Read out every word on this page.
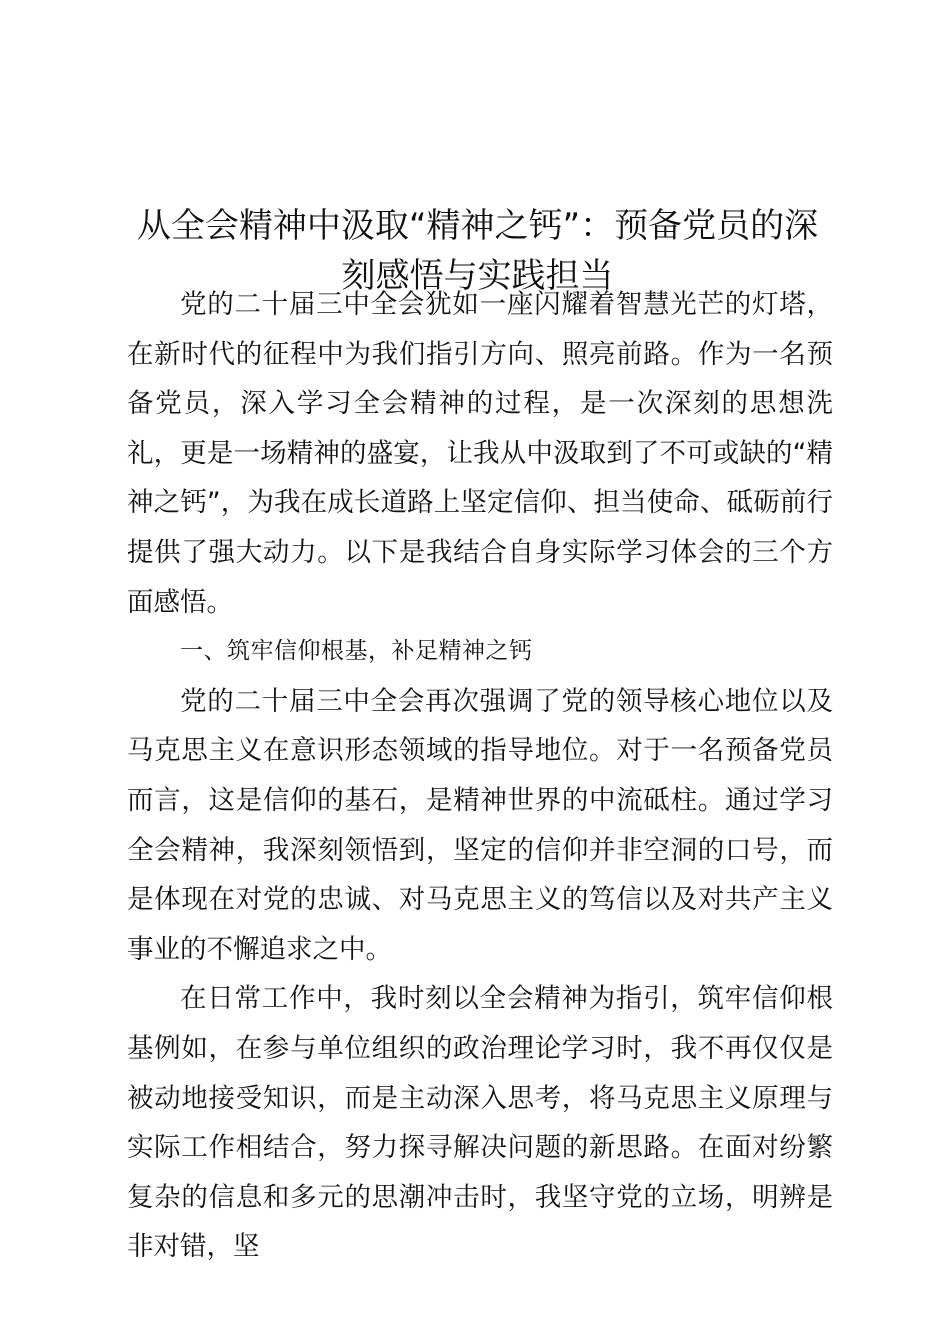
从全会精神中汲取“精神之钙”：预备党员的深刻感悟与实践担当

党的二十届三中全会犹如一座闪耀着智慧光芒的灯塔，在新时代的征程中为我们指引方向、照亮前路。作为一名预备党员，深入学习全会精神的过程，是一次深刻的思想洗礼，更是一场精神的盛宴，让我从中汲取到了不可或缺的“精神之钙”，为我在成长道路上坚定信仰、担当使命、砥砺前行提供了强大动力。以下是我结合自身实际学习体会的三个方面感悟。

一、筑牢信仰根基，补足精神之钙

党的二十届三中全会再次强调了党的领导核心地位以及马克思主义在意识形态领域的指导地位。对于一名预备党员而言，这是信仰的基石，是精神世界的中流砥柱。通过学习全会精神，我深刻领悟到，坚定的信仰并非空洞的口号，而是体现在对党的忠诚、对马克思主义的笃信以及对共产主义事业的不懈追求之中。

在日常工作中，我时刻以全会精神为指引，筑牢信仰根基例如，在参与单位组织的政治理论学习时，我不再仅仅是被动地接受知识，而是主动深入思考，将马克思主义原理与实际工作相结合，努力探寻解决问题的新思路。在面对纷繁复杂的信息和多元的思潮冲击时，我坚守党的立场，明辨是非对错，坚
